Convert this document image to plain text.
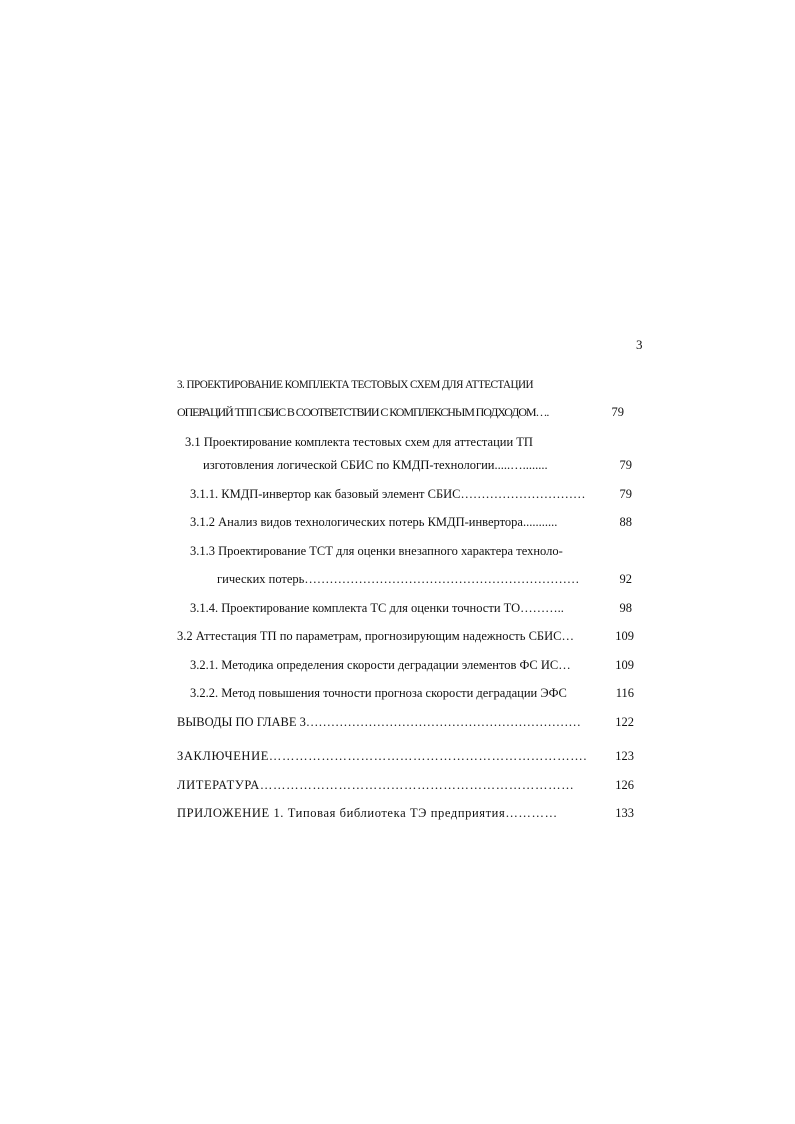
3
3. ПРОЕКТИРОВАНИЕ КОМПЛЕКТА ТЕСТОВЫХ СХЕМ ДЛЯ АТТЕСТАЦИИ
ОПЕРАЦИЙ ТПП СБИС В СООТВЕТСТВИИ С КОМПЛЕКСНЫМ ПОДХОДОМ….	79
3.1 Проектирование комплекта тестовых схем для аттестации ТП
изготовления логической СБИС по КМДП-технологии.....…........	79
3.1.1. КМДП-инвертор как базовый элемент СБИС…………………………	79
3.1.2 Анализ видов технологических потерь КМДП-инвертора...........	88
3.1.3 Проектирование ТСТ для оценки внезапного характера техноло-
гических потерь…………………………………………………………	92
3.1.4. Проектирование комплекта ТС для оценки точности ТО………..	98
3.2 Аттестация ТП по параметрам, прогнозирующим надежность СБИС…	109
3.2.1. Методика определения скорости деградации элементов ФС ИС…	109
3.2.2. Метод повышения точности прогноза скорости деградации ЭФС	116
ВЫВОДЫ ПО ГЛАВЕ 3…………………………………………………………	122
ЗАКЛЮЧЕНИЕ……………………………………………………………….	123
ЛИТЕРАТУРА………………………………………………………………	126
ПРИЛОЖЕНИЕ 1. Типовая библиотека ТЭ предприятия…………	133
